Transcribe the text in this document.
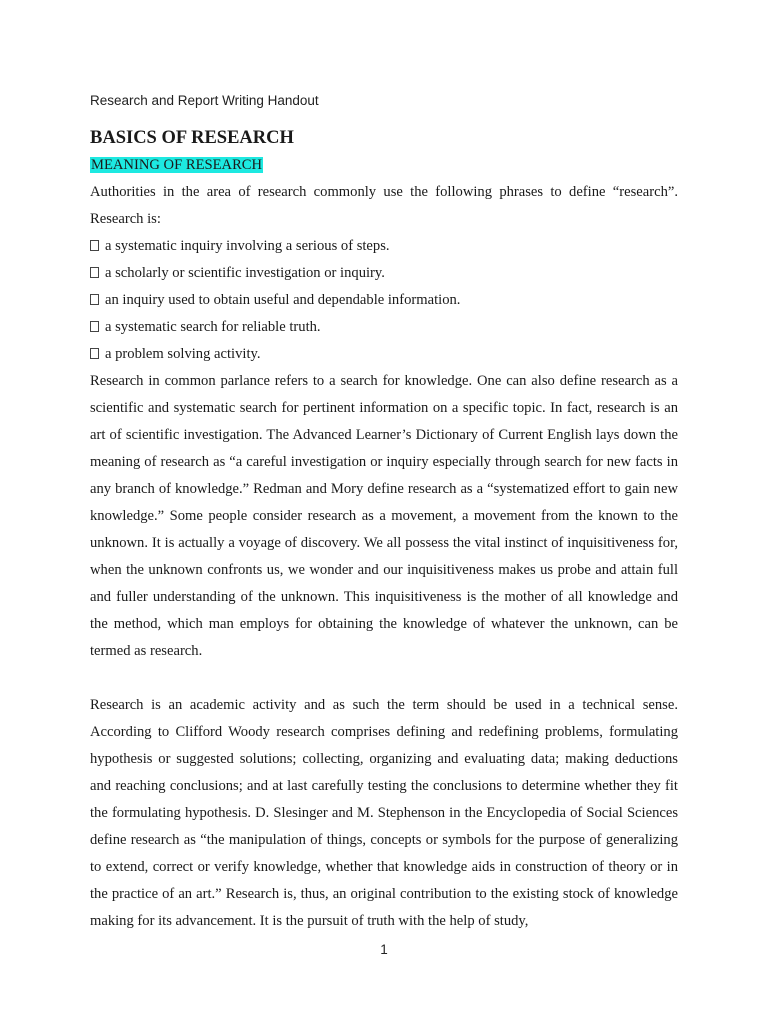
Research and Report Writing Handout
BASICS OF RESEARCH

MEANING OF RESEARCH

Authorities in the area of research commonly use the following phrases to define “research”. Research is:

a systematic inquiry involving a serious of steps.

a scholarly or scientific investigation or inquiry.

an inquiry used to obtain useful and dependable information.

a systematic search for reliable truth.

a problem solving activity.

Research in common parlance refers to a search for knowledge. One can also define research as a scientific and systematic search for pertinent information on a specific topic. In fact, research is an art of scientific investigation. The Advanced Learner’s Dictionary of Current English lays down the meaning of research as “a careful investigation or inquiry especially through search for new facts in any branch of knowledge.” Redman and Mory define research as a “systematized effort to gain new knowledge.” Some people consider research as a movement, a movement from the known to the unknown. It is actually a voyage of discovery. We all possess the vital instinct of inquisitiveness for, when the unknown confronts us, we wonder and our inquisitiveness makes us probe and attain full and fuller understanding of the unknown. This inquisitiveness is the mother of all knowledge and the method, which man employs for obtaining the knowledge of whatever the unknown, can be termed as research.

Research is an academic activity and as such the term should be used in a technical sense. According to Clifford Woody research comprises defining and redefining problems, formulating hypothesis or suggested solutions; collecting, organizing and evaluating data; making deductions and reaching conclusions; and at last carefully testing the conclusions to determine whether they fit the formulating hypothesis. D. Slesinger and M. Stephenson in the Encyclopedia of Social Sciences define research as “the manipulation of things, concepts or symbols for the purpose of generalizing to extend, correct or verify knowledge, whether that knowledge aids in construction of theory or in the practice of an art.” Research is, thus, an original contribution to the existing stock of knowledge making for its advancement. It is the pursuit of truth with the help of study,

1
